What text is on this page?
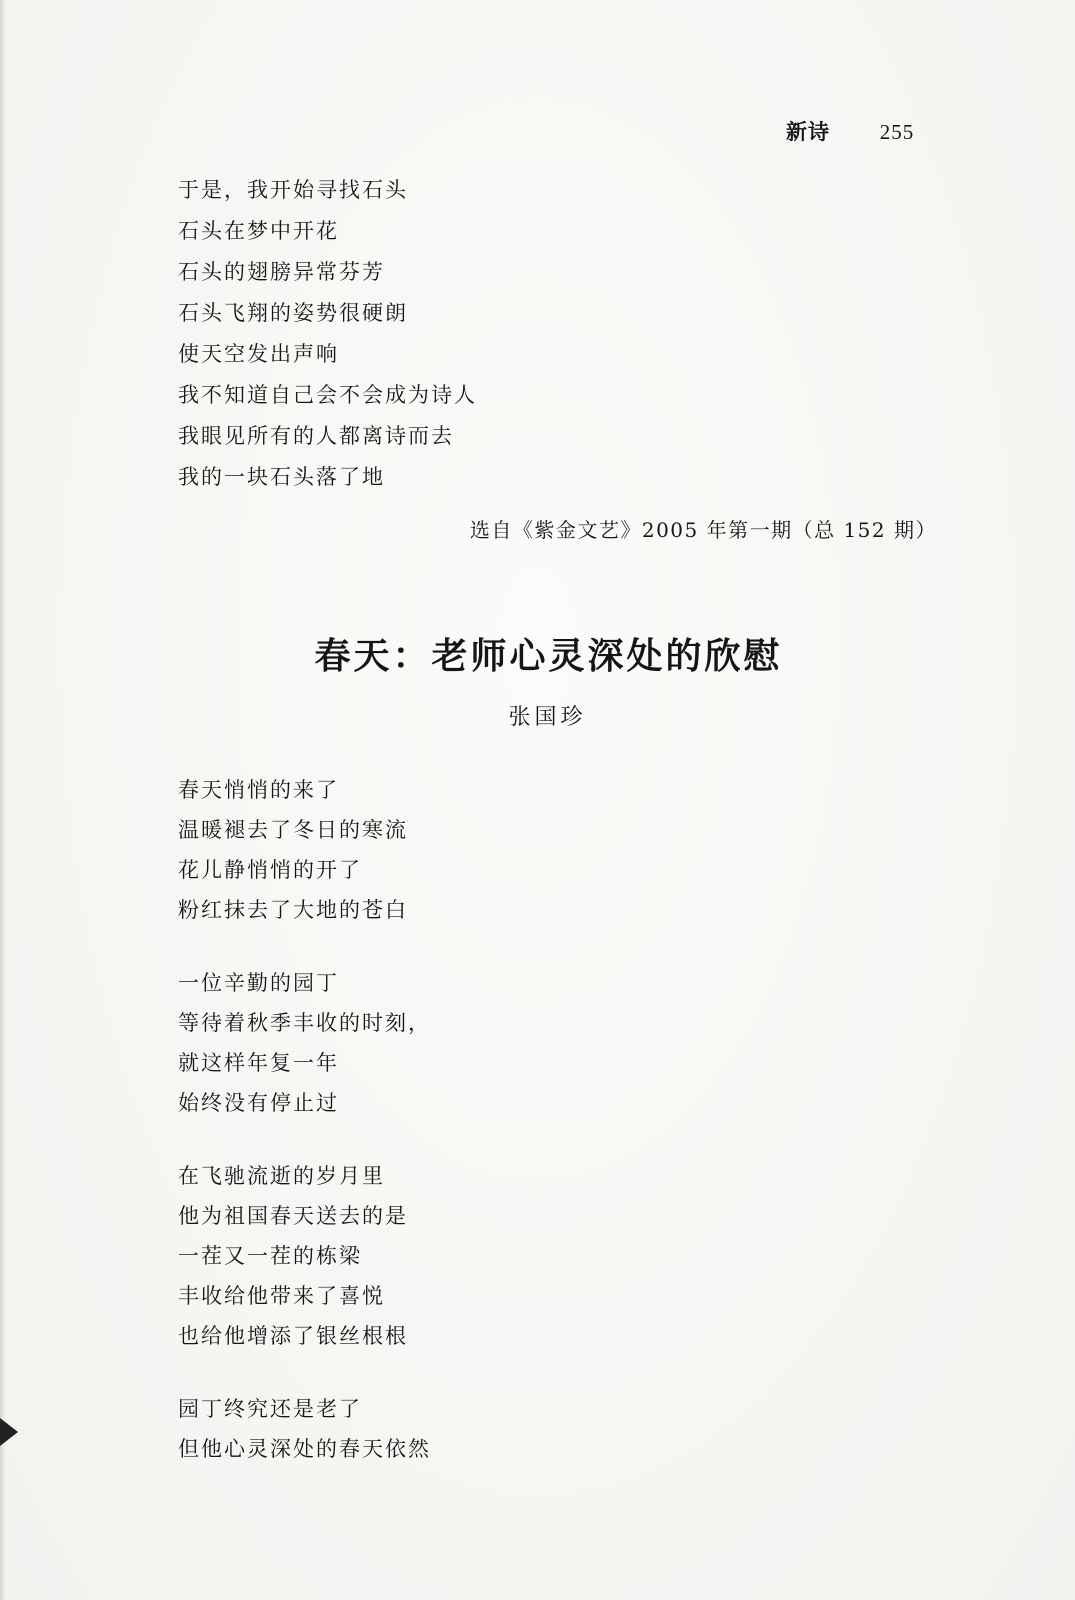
新诗 255
于是，我开始寻找石头
石头在梦中开花
石头的翅膀异常芬芳
石头飞翔的姿势很硬朗
使天空发出声响
我不知道自己会不会成为诗人
我眼见所有的人都离诗而去
我的一块石头落了地
选自《紫金文艺》2005 年第一期（总 152 期）
春天：老师心灵深处的欣慰
张国珍
春天悄悄的来了
温暖褪去了冬日的寒流
花儿静悄悄的开了
粉红抹去了大地的苍白
一位辛勤的园丁
等待着秋季丰收的时刻，
就这样年复一年
始终没有停止过
在飞驰流逝的岁月里
他为祖国春天送去的是
一茬又一茬的栋梁
丰收给他带来了喜悦
也给他增添了银丝根根
园丁终究还是老了
但他心灵深处的春天依然
